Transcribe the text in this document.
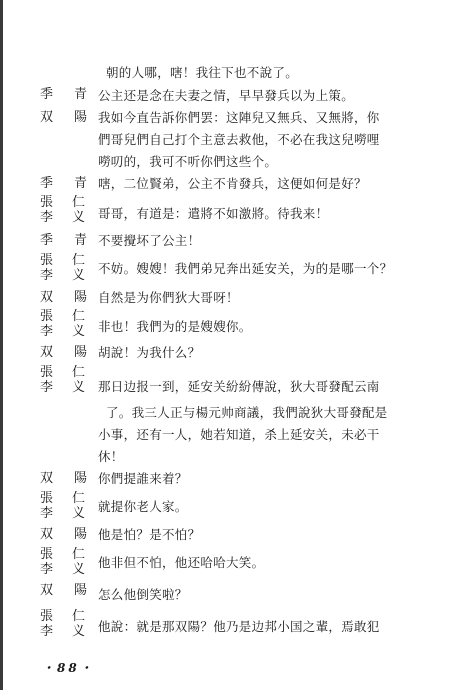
朝的人哪，嗐！我往下也不說了。
季 青 公主还是念在夫妻之情，早早發兵以为上策。
双 陽 我如今直告訴你們罢：这陣兒又無兵、又無將，你
們哥兒們自己打个主意去救他，不必在我这兒嘮哩
嘮叨的，我可不听你們这些个。
季 青 嗐，二位賢弟，公主不肯發兵，这便如何是好？
張
李
仁
义 哥哥，有道是：遣將不如激將。待我来！
季 青 不要攪坏了公主！
張
李
仁
义 不妨。嫂嫂！我們弟兄奔出延安关，为的是哪一个？
双 陽 自然是为你們狄大哥呀！
張
李
仁
义 非也！我們为的是嫂嫂你。
双 陽 胡說！为我什么？
張
李
仁
义 那日边报一到，延安关紛紛傳說，狄大哥發配云南
了。我三人正与楊元帅商議，我們說狄大哥發配是
小事，还有一人，她若知道，杀上延安关，未必干
休！
双 陽 你們提誰来着？
張
李
仁
义 就提你老人家。
双 陽 他是怕？是不怕？
張
李
仁
义 他非但不怕，他还哈哈大笑。
双 陽 怎么他倒笑啦？
張
李
仁
义 他說：就是那双陽？他乃是边邦小国之輩，焉敢犯
・88・
